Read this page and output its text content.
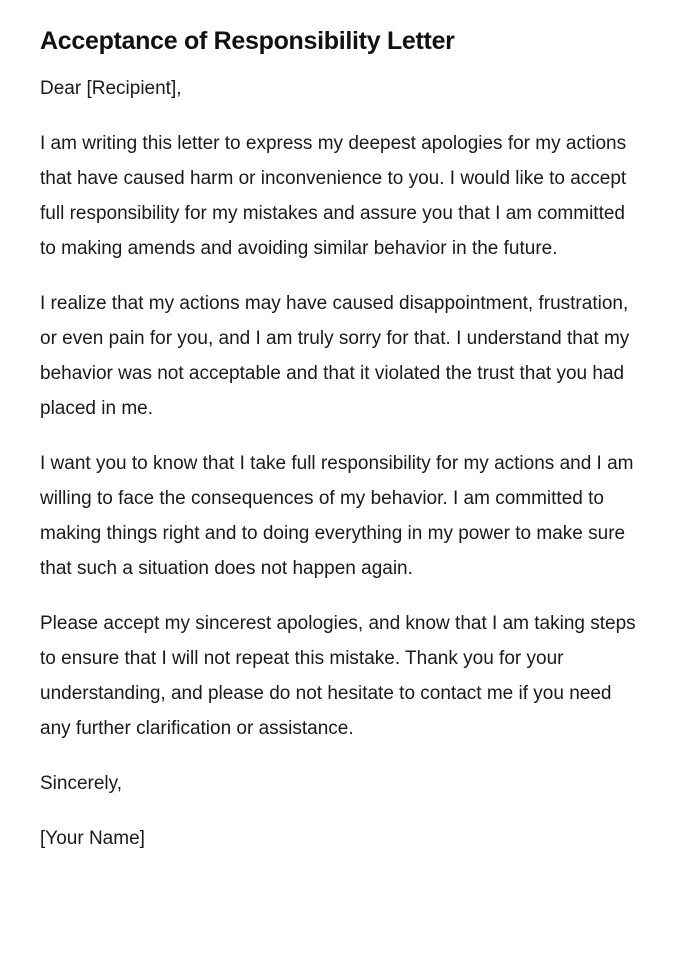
Acceptance of Responsibility Letter

Dear [Recipient],

I am writing this letter to express my deepest apologies for my actions that have caused harm or inconvenience to you. I would like to accept full responsibility for my mistakes and assure you that I am committed to making amends and avoiding similar behavior in the future.

I realize that my actions may have caused disappointment, frustration, or even pain for you, and I am truly sorry for that. I understand that my behavior was not acceptable and that it violated the trust that you had placed in me.

I want you to know that I take full responsibility for my actions and I am willing to face the consequences of my behavior. I am committed to making things right and to doing everything in my power to make sure that such a situation does not happen again.

Please accept my sincerest apologies, and know that I am taking steps to ensure that I will not repeat this mistake. Thank you for your understanding, and please do not hesitate to contact me if you need any further clarification or assistance.

Sincerely,

[Your Name]
